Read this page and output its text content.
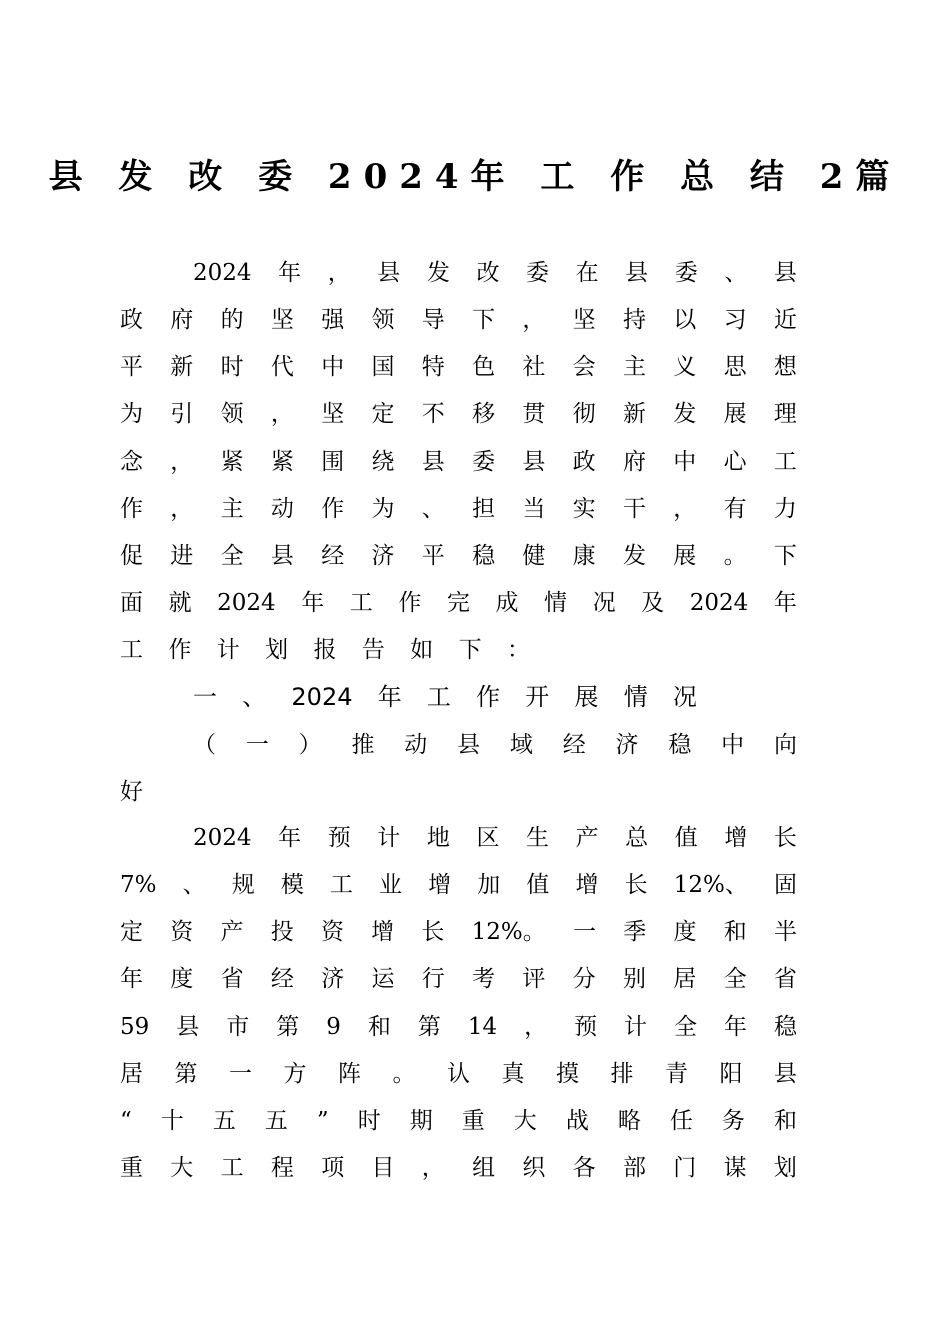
县 发 改 委 2024年 工 作 总 结 2篇
2024 年 ， 县 发 改 委 在 县 委 、 县
政 府 的 坚 强 领 导 下 ， 坚 持 以 习 近
平 新 时 代 中 国 特 色 社 会 主 义 思 想
为 引 领 ， 坚 定 不 移 贯 彻 新 发 展 理
念 ， 紧 紧 围 绕 县 委 县 政 府 中 心 工
作 ， 主 动 作 为 、 担 当 实 干 ， 有 力
促 进 全 县 经 济 平 稳 健 康 发 展 。 下
面 就 2024 年 工 作 完 成 情 况 及 2024 年
工 作 计 划 报 告 如 下 ：
一 、 2024 年 工 作 开 展 情 况
（ 一 ） 推 动 县 域 经 济 稳 中 向
好
2024 年 预 计 地 区 生 产 总 值 增 长
7% 、 规 模 工 业 增 加 值 增 长 12%、 固
定 资 产 投 资 增 长 12%。 一 季 度 和 半
年 度 省 经 济 运 行 考 评 分 别 居 全 省
59 县 市 第 9 和 第 14 ， 预 计 全 年 稳
居 第 一 方 阵 。 认 真 摸 排 青 阳 县
“ 十 五 五 ” 时 期 重 大 战 略 任 务 和
重 大 工 程 项 目 ， 组 织 各 部 门 谋 划
